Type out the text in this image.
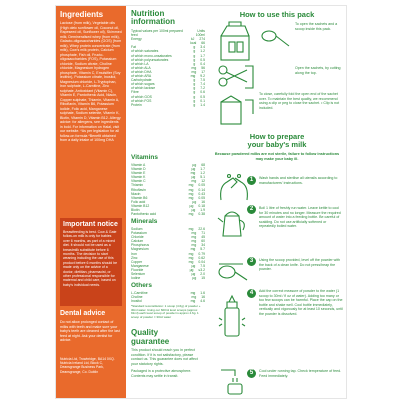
Ingredients
Lactose (from milk), Vegetable oils (High oleic sunflower oil, Coconut oil, Rapeseed oil, Sunflower oil), Skimmed milk, Demineralised whey (from milk), Galacto-oligosaccharides (GOS) (from milk), Whey protein concentrate (from milk), Cow's milk protein, Calcium phosphate, Fish oil, Fructo-oligosaccharides (FOS), Potassium chloride, Sodium citrate, Choline chloride, Magnesium hydrogen phosphate, Vitamin C, Emulsifier (Soy lecithin), Potassium citrate, Inositol, Magnesium chloride, L-Tryptophan, Iron sulphate, L-Carnitine, Zinc sulphate, Antioxidant (Vitamin C), Vitamin E, Pantothenic Acid, Niacin, Copper sulphate, Thiamin, Vitamin A, Riboflavin, Vitamin B6, Potassium iodide, Folic acid, Manganese sulphate, Sodium selenite, Vitamin K, Biotin, Vitamin D, Vitamin B12. Allergy advice: for allergens, see ingredients in bold. For information on Halal, visit our website. *As per legislation for all follow-on formula *Benefit obtained from a daily intake of 100mg DHA
Important notice
Breastfeeding is best. Cow & Gate follow-on milk is only for babies over 6 months, as part of a mixed diet. It should not be used as a breastmilk substitute before 6 months. The decision to start weaning including the use of this product before 6 months should be made only on the advice of a doctor, dietitian, pharmacist, or other professional responsible for maternal and child care, based on baby's individual needs.
Dental advice
Do not allow prolonged contact of milks with teeth and make sure your baby's teeth are cleaned after the last feed at night. Ask your dentist for advice.
Nutricia Ltd, Trowbridge, BA14 0XQ. Nutricia Ireland Ltd, Block C, Deansgrange Business Park, Deansgrange, Co. Dublin
Nutrition
information
Typical values per 100ml prepared feed
Units 100ml
Energy	kJ 274
kcal 66
Fat	g 3.4
of which saturates	g 1.2
of which mono-unsaturates	g 1.7
of which polyunsaturates	g 0.5
of which LA	g 0.4
of which ALA	mg 56
of which DHA	mg 17
of which ARA	mg 9.2
Carbohydrate	g 7.5
of which sugars	g 7.4
of which lactose	g 7.2
Fibre	g 0.6
of which GOS	g 0.5
of which FOS	g 0.1
Protein	g 1.4
Vitamins
Vitamin A	µg 68
Vitamin D	µg 1.7
Vitamin E	mg 1.2
Vitamin K	µg 5.1
Vitamin C	mg 12
Thiamin	mg 0.05
Riboflavin	mg 0.14
Niacin	mg 0.43
Vitamin B6	mg 0.05
Folic acid	µg 16
Vitamin B12	µg 0.18
Biotin	µg 1.9
Pantothenic acid	mg 0.38
Minerals
Sodium	mg 22.6
Potassium	mg 71
Chloride	mg 45
Calcium	mg 60
Phosphorus	mg 34
Magnesium	mg 5.7
Iron	mg 0.79
Zinc	mg 0.62
Copper	mg 0.04
Manganese	µg 7.5
Fluoride	µg ≤3.2
Selenium	µg 2.0
Iodine	µg 15
Others
L-Carnitine	mg 1.6
Choline	mg 16
Inositol	mg 4.6
*Standard reconstitution: 1 scoop (4.6g) of powder + 30ml water. Using our 600ml level scoops (approx 91ml) each level scoop of powder is approx 4.6g. 1 scoop of powder = 30ml water
Quality
guarantee
This product should reach you in perfect condition. If it is not satisfactory, please contact us. This guarantee does not affect your statutory rights.
Packaged in a protective atmosphere. Contents may settle in transit.
How to use this pack
To open the sachets and a scoop inside this pack.
Open the sachets, by cutting along the top.
To close, carefully fold the open end of the sachet over. To maintain the best quality, we recommend using a clip or peg to close the sachet. • Clip is not included.
How to prepare
your baby's milk
Because powdered milks are not sterile, failure to follow instructions may make your baby ill.
1	Wash hands and sterilise all utensils according to manufacturers' instructions.
2	Boil 1 litre of freshly run water. Leave kettle to cool for 30 minutes and no longer. Measure the required amount of water into a feeding bottle. Be careful of scalding. Do not use artificially softened or repeatedly boiled water.
3	Using the scoop provided, level off the powder with the back of a clean knife. Do not press/heap the powder.
4	Add the correct measure of powder to the water (1 scoop to 30ml / fl oz of water). Adding too many or too few scoops can be harmful. Place the cap on the bottle and shake well. Cool bottle immediately, vertically and vigorously for at least 10 seconds, until the powder is dissolved.
5	Cool under running tap. Check temperature of feed. Feed immediately.
